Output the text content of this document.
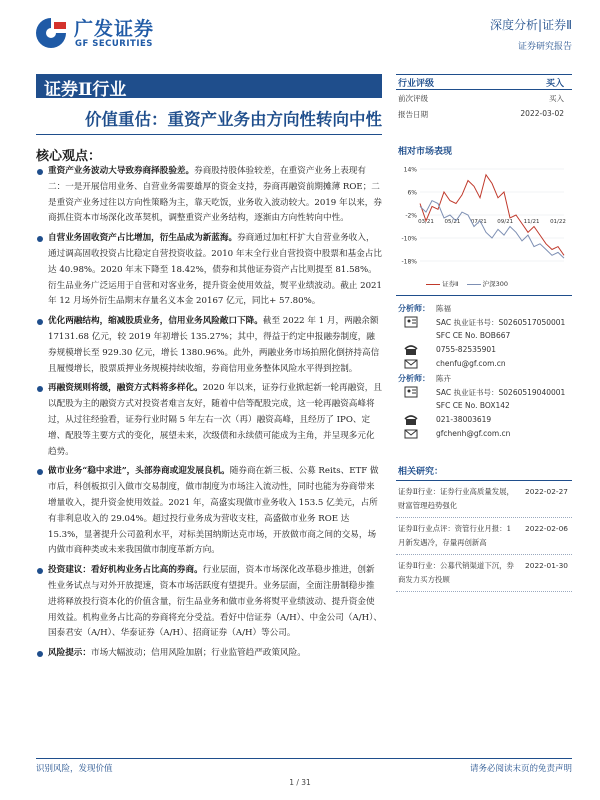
广发证券
GF SECURITIES
深度分析|证券Ⅱ
证券研究报告
证券Ⅱ行业
价值重估：重资产业务由方向性转向中性
核心观点：
重资产业务波动大导致券商择股验差。券商股持股体验较差，在重资产业务上表现有二：一是开展信用业务、自营业务需要雄厚的资金支持，券商再融资前期摊薄 ROE；二是重资产业务过往以方向性策略为主，靠天吃饭，业务收入波动较大。2019 年以来，券商抓住资本市场深化改革契机，调整重资产业务结构，逐渐由方向性转向中性。
自营业务固收资产占比增加，衍生品成为新蓝海。券商通过加杠杆扩大自营业务收入，通过调高固收投资占比稳定自营投资收益。2010 年末全行业自营投资中股票和基金占比达 40.98%。2020 年末下降至 18.42%，债券和其他证券资产占比则提至 81.58%。衍生品业务广泛运用于自营和对客业务，提升资金使用效益，熨平业绩波动。截止 2021 年 12 月场外衍生品期末存量名义本金 20167 亿元，同比+ 57.80%。
优化两融结构，缩减股质业务，信用业务风险敞口下降。截至 2022 年 1 月，两融余额 17131.68 亿元，较 2019 年初增长 135.27%；其中，得益于约定申报融券制度，融券规模增长至 929.30 亿元，增长 1380.96%。此外，两融业务市场拍照化倒挤持高信且履慢增长，股票质押业务规模持续收缩，券商信用业务整体风险水平得到控制。
再融资规则将缓，融资方式料将多样化。2020 年以来，证券行业掀起新一轮再融资，且以配股为主的融资方式对投资者难言友好，随着中信等配股完成，这一轮再融资高峰将过，从过往经验看，证券行业时隔 5 年左右一次（再）融资高峰，且经历了 IPO、定增、配股等主要方式的变化，展望未来，次级债和永续债可能成为主角，并呈现多元化趋势。
做市业务“稳中求进”，头部券商或迎发展良机。随券商在新三板、公募 Reits、ETF 做市后，科创板拟引入做市交易制度，做市制度为市场注入流动性，同时也能为券商带来增量收入，提升资金使用效益。2021 年，高盛实现做市业务收入 153.5 亿美元，占所有非利息收入的 29.04%。超过投行业务成为营收支柱，高盛做市业务 ROE 达 15.3%，显著提升公司盈利水平，对标美国纳斯达克市场，开放做市商之间的交易，场内做市商种类或未来我国做市制度革新方向。
投资建议：看好机构业务占比高的券商。行业层面，资本市场深化改革稳步推进，创新性业务试点与对外开放提速，资本市场活跃度有望提升。业务层面，全面注册制稳步推进将释放投行资本化的价值含量，衍生品业务和做市业务将熨平业绩波动、提升资金使用效益。机构业务占比高的券商将充分受益。看好中信证券（A/H）、中金公司（A/H）、国泰君安（A/H）、华泰证券（A/H）、招商证券（A/H）等公司。
风险提示：市场大幅波动；信用风险加剧；行业监管趋严政策风险。
行业评级	买入
前次评级	买入
报告日期	2022-03-02
相对市场表现
14%
6%
-2%
-10%
-18%
03/21 05/21 07/21 09/21 11/21 01/22
证券Ⅱ	沪深300
分析师： 陈福
SAC 执业证书号：S0260517050001
SFC CE No. BOB667
0755-82535901
chenfu@gf.com.cn
分析师： 陈卉
SAC 执业证书号：S0260519040001
SFC CE No. BOX142
021-38003619
gfchenh@gf.com.cn
相关研究：
证券Ⅱ行业：证券行业高质量发展，财富管理趋势强化
2022-02-27
证券Ⅱ行业点评：资管行业月报：1 月新发遇冷，存量再创新高
2022-02-06
证券Ⅱ行业：公募代销渠道下沉，券商发力买方投顾
2022-01-30
识别风险，发现价值	请务必阅读末页的免责声明
1 / 31
